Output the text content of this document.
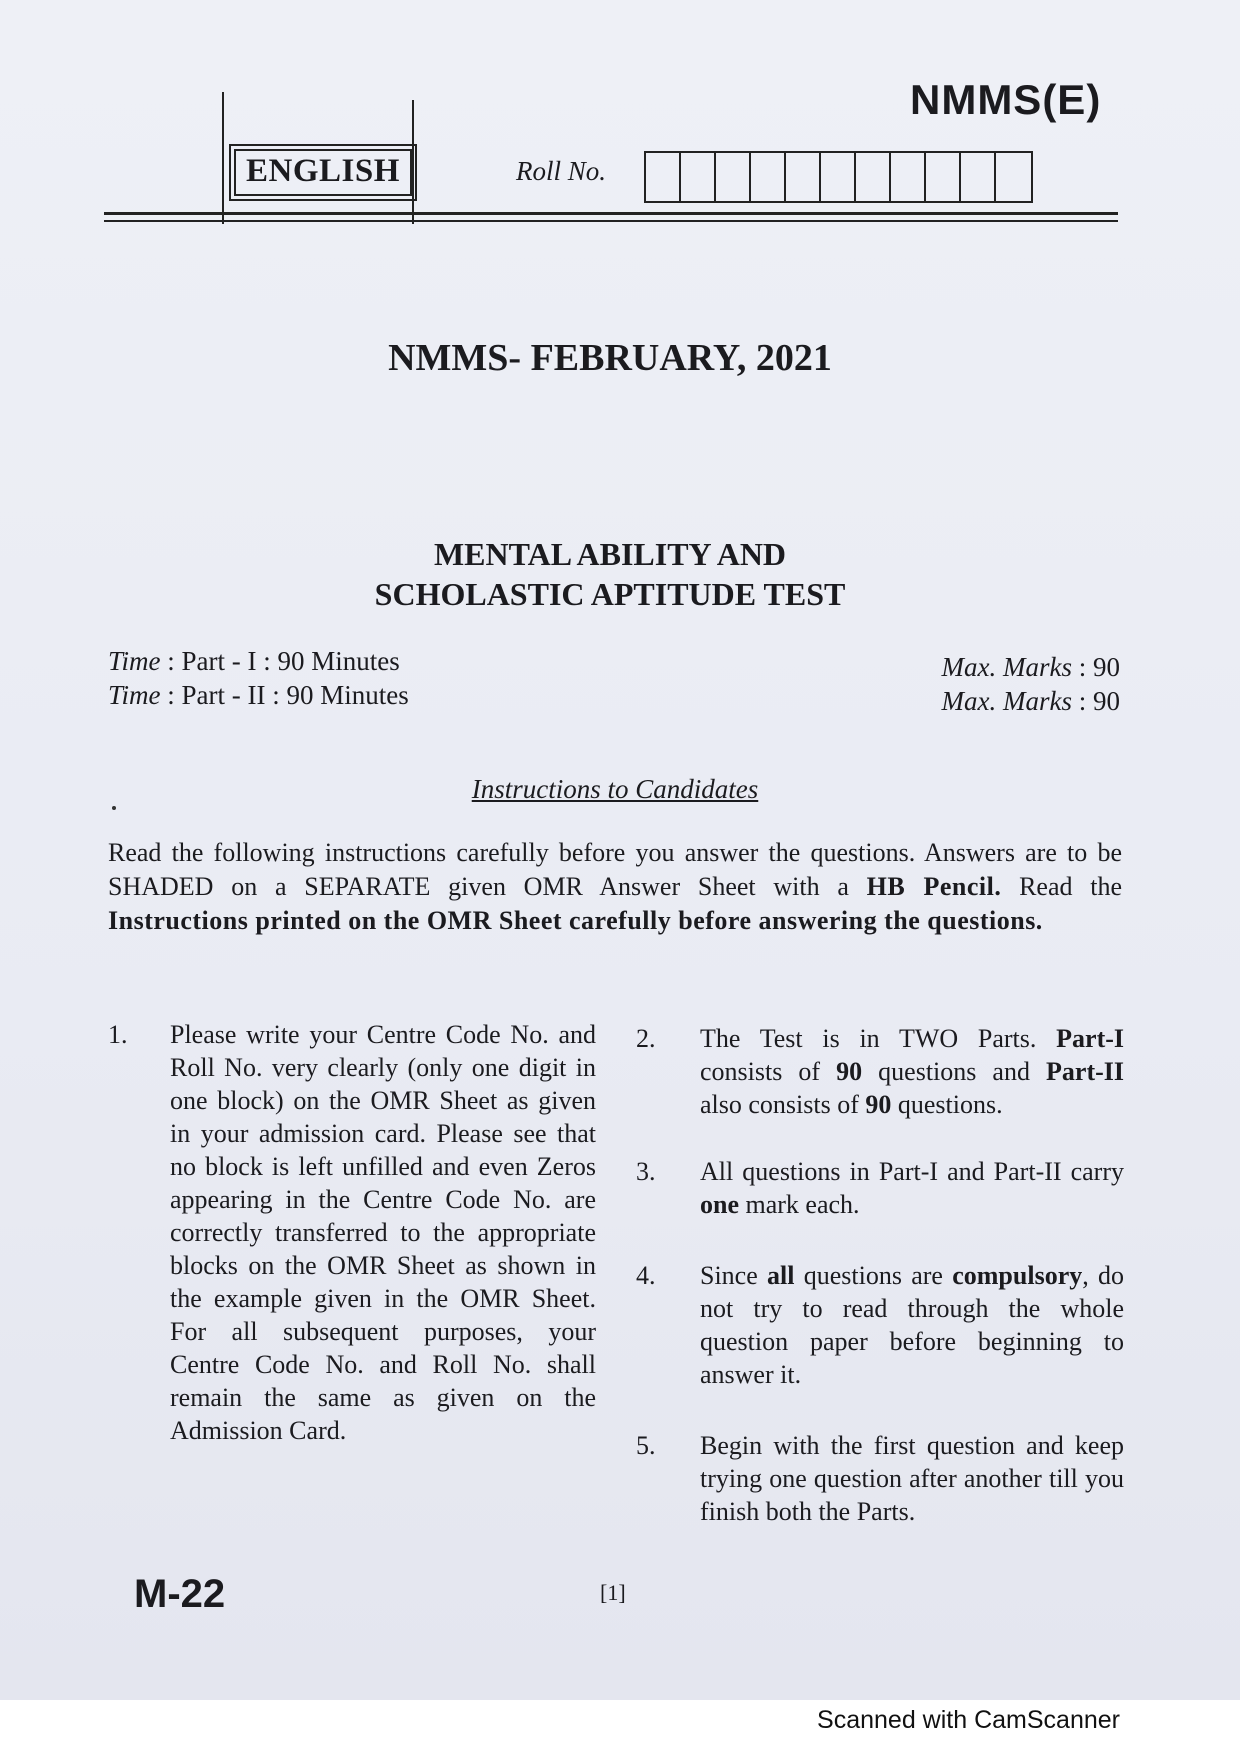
NMMS(E)
ENGLISH	Roll No.
NMMS- FEBRUARY, 2021
MENTAL ABILITY AND
SCHOLASTIC APTITUDE TEST
Time : Part - I : 90 Minutes
Time : Part - II : 90 Minutes
Max. Marks : 90
Max. Marks : 90
Instructions to Candidates
Read the following instructions carefully before you answer the questions. Answers are to be SHADED on a SEPARATE given OMR Answer Sheet with a HB Pencil. Read the Instructions printed on the OMR Sheet carefully before answering the questions.
1. Please write your Centre Code No. and Roll No. very clearly (only one digit in one block) on the OMR Sheet as given in your admission card. Please see that no block is left unfilled and even Zeros appearing in the Centre Code No. are correctly transferred to the appropriate blocks on the OMR Sheet as shown in the example given in the OMR Sheet. For all subsequent purposes, your Centre Code No. and Roll No. shall remain the same as given on the Admission Card.
2. The Test is in TWO Parts. Part-I consists of 90 questions and Part-II also consists of 90 questions.
3. All questions in Part-I and Part-II carry one mark each.
4. Since all questions are compulsory, do not try to read through the whole question paper before beginning to answer it.
5. Begin with the first question and keep trying one question after another till you finish both the Parts.
M-22	[1]
Scanned with CamScanner
